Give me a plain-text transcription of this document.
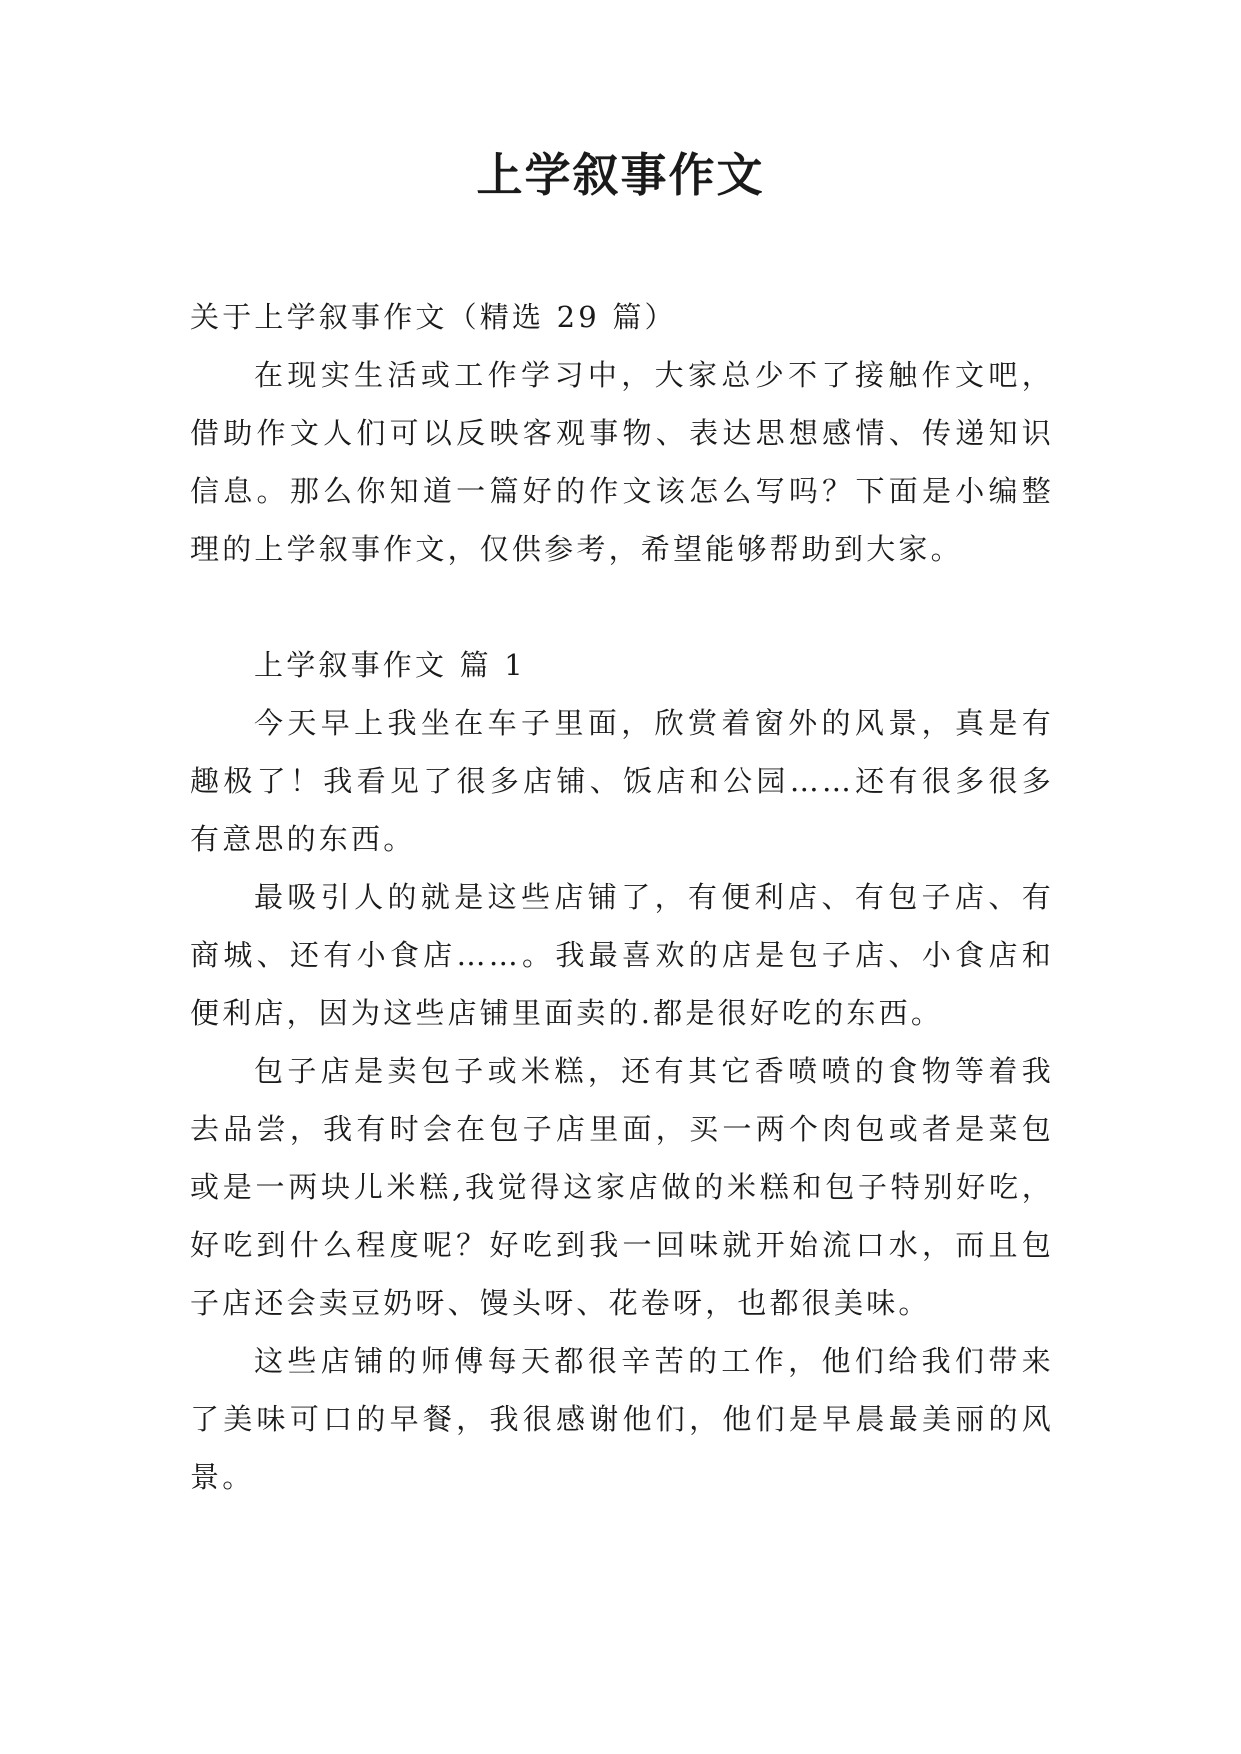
上学叙事作文

关于上学叙事作文（精选 29 篇）

在现实生活或工作学习中，大家总少不了接触作文吧，借助作文人们可以反映客观事物、表达思想感情、传递知识信息。那么你知道一篇好的作文该怎么写吗？下面是小编整理的上学叙事作文，仅供参考，希望能够帮助到大家。

上学叙事作文 篇 1

今天早上我坐在车子里面，欣赏着窗外的风景，真是有趣极了！我看见了很多店铺、饭店和公园……还有很多很多有意思的东西。

最吸引人的就是这些店铺了，有便利店、有包子店、有商城、还有小食店……。我最喜欢的店是包子店、小食店和便利店，因为这些店铺里面卖的.都是很好吃的东西。

包子店是卖包子或米糕，还有其它香喷喷的食物等着我去品尝，我有时会在包子店里面，买一两个肉包或者是菜包或是一两块儿米糕,我觉得这家店做的米糕和包子特别好吃，好吃到什么程度呢？好吃到我一回味就开始流口水，而且包子店还会卖豆奶呀、馒头呀、花卷呀，也都很美味。

这些店铺的师傅每天都很辛苦的工作，他们给我们带来了美味可口的早餐，我很感谢他们，他们是早晨最美丽的风景。
